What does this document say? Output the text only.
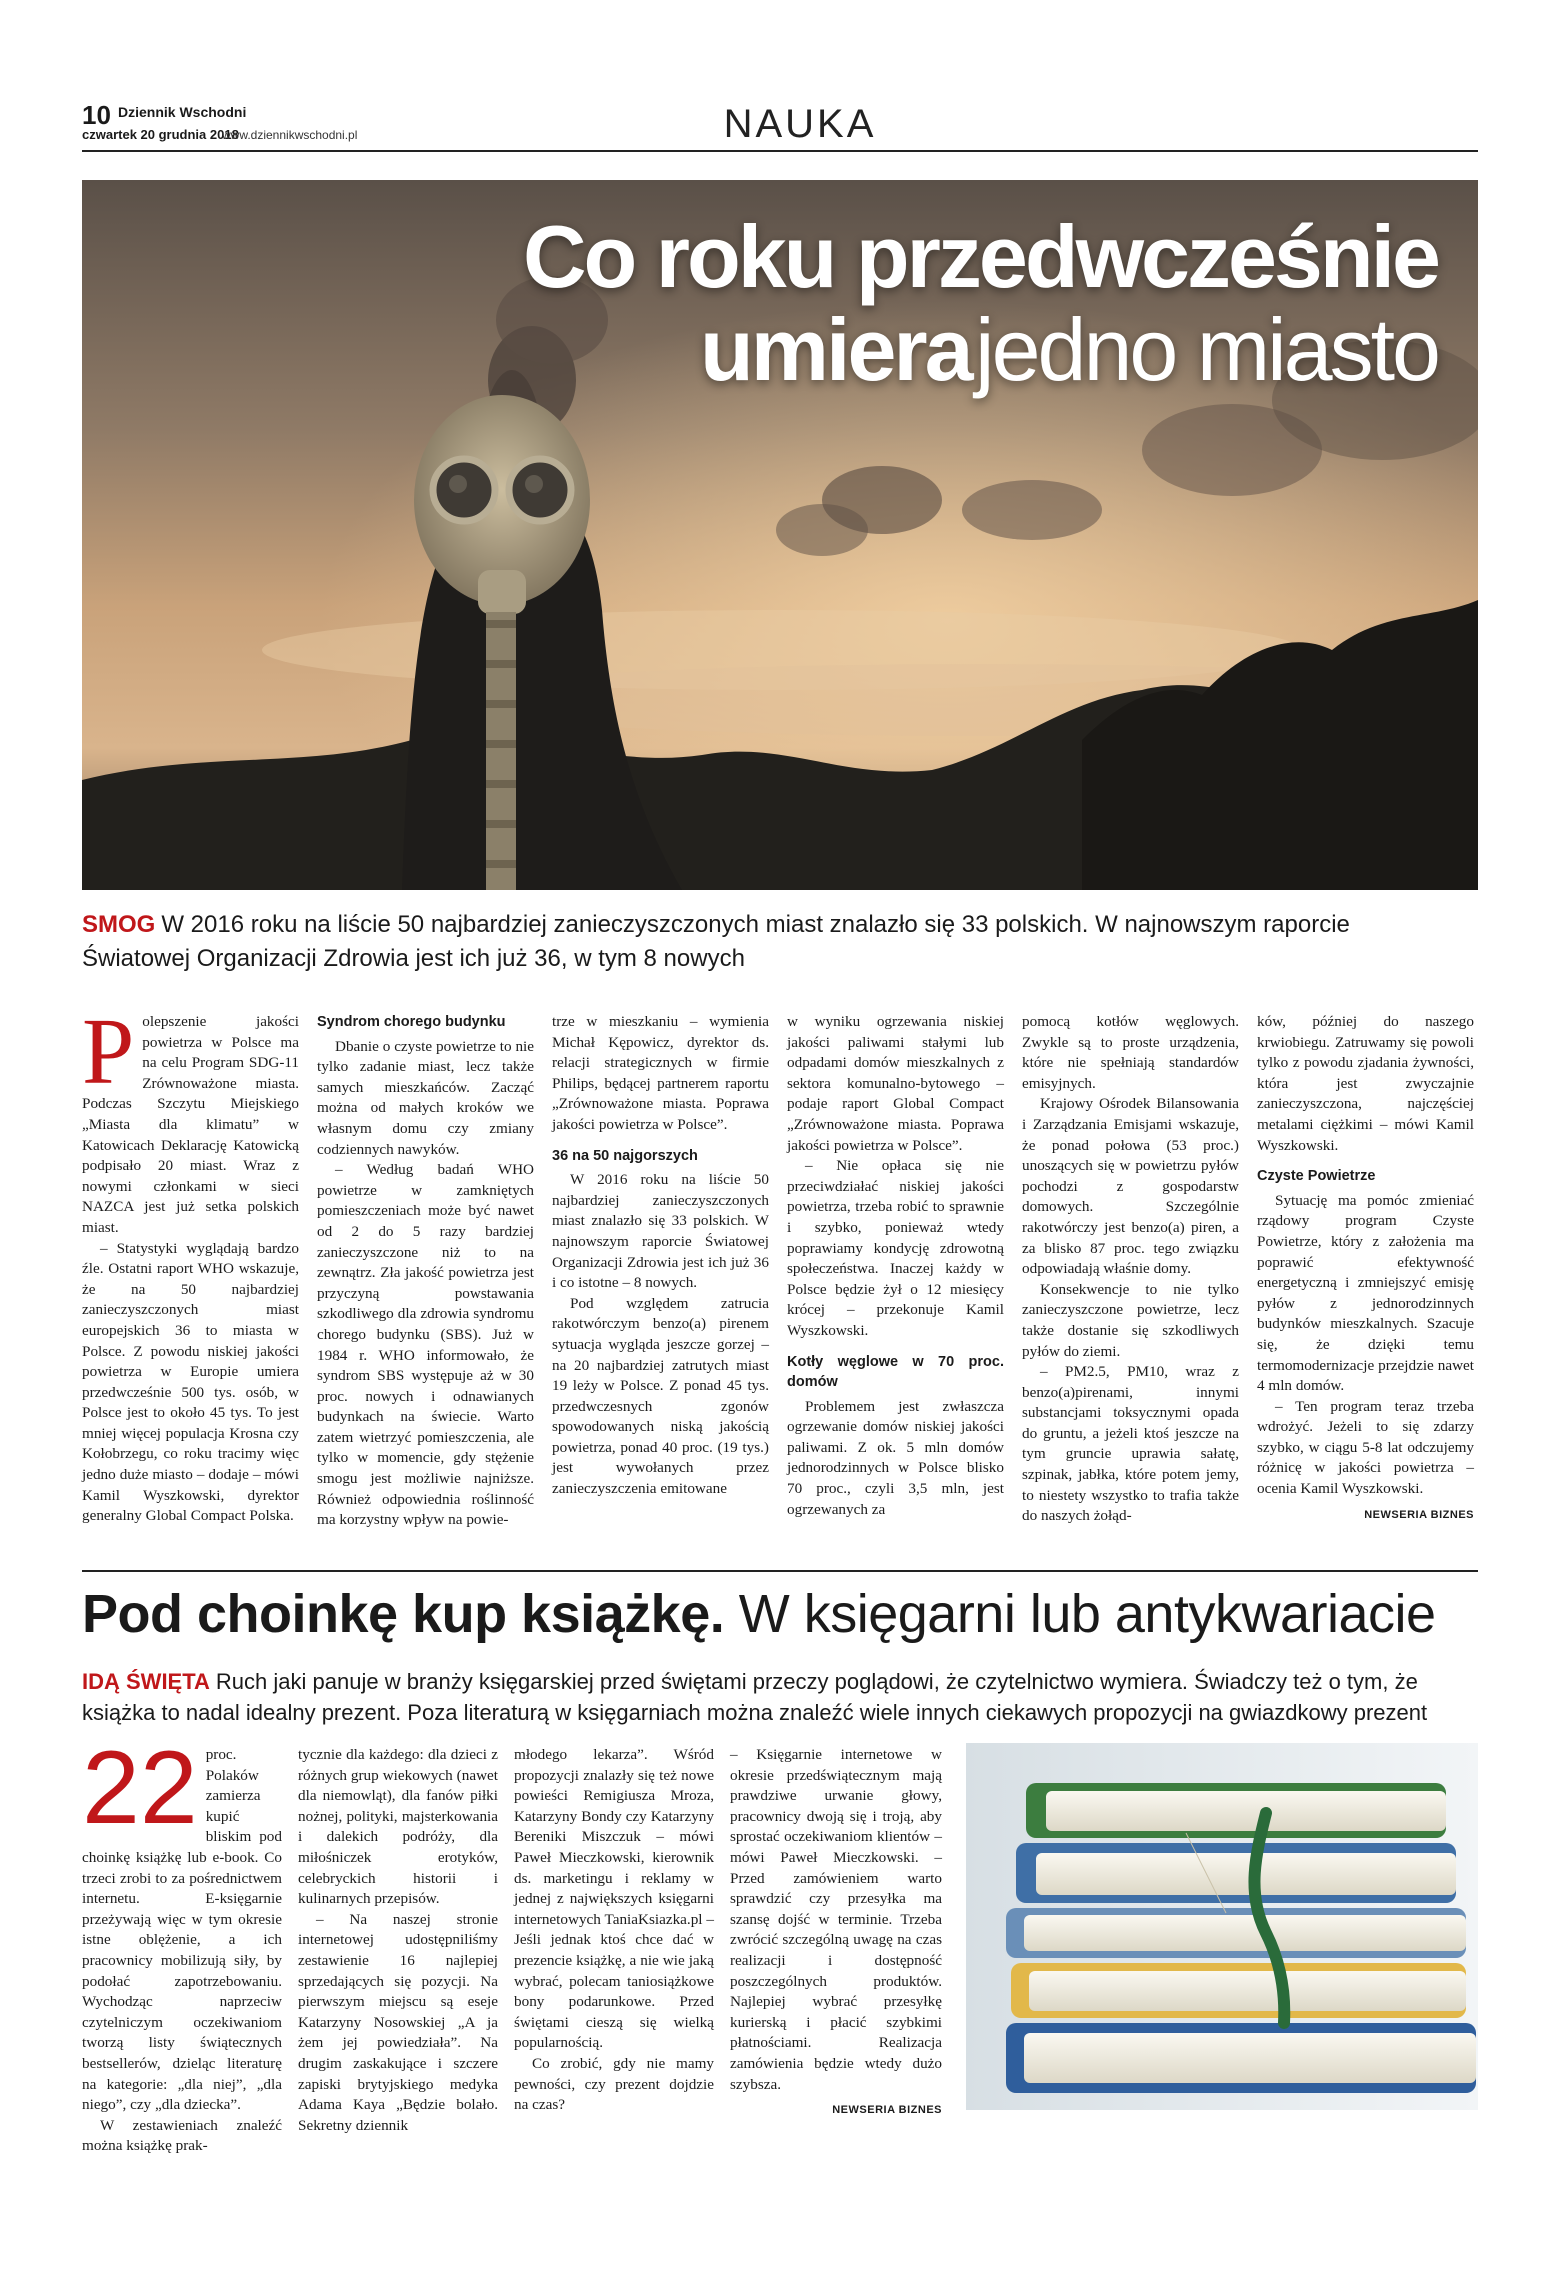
10 Dziennik Wschodni
czwartek 20 grudnia 2018
www.dziennikwschodni.pl	NAUKA
Co roku przedwcześnie
umiera jedno miasto
SMOG W 2016 roku na liście 50 najbardziej zanieczyszczonych miast znalazło się 33 polskich. W najnowszym raporcie Światowej Organizacji Zdrowia jest ich już 36, w tym 8 nowych
P olepszenie jakości powietrza w Polsce ma na celu Program SDG-11 Zrównoważone miasta. Podczas Szczytu Miejskiego „Miasta dla klimatu” w Katowicach Deklarację Katowicką podpisało 20 miast. Wraz z nowymi członkami w sieci NAZCA jest już setka polskich miast.

– Statystyki wyglądają bardzo źle. Ostatni raport WHO wskazuje, że na 50 najbardziej zanieczyszczonych miast europejskich 36 to miasta w Polsce. Z powodu niskiej jakości powietrza w Europie umiera przedwcześnie 500 tys. osób, w Polsce jest to około 45 tys. To jest mniej więcej populacja Krosna czy Kołobrzegu, co roku tracimy więc jedno duże miasto – dodaje – mówi Kamil Wyszkowski, dyrektor generalny Global Compact Polska.

Syndrom chorego budynku

Dbanie o czyste powietrze to nie tylko zadanie miast, lecz także samych mieszkańców. Zacząć można od małych kroków we własnym domu czy zmiany codziennych nawyków.

– Według badań WHO powietrze w zamkniętych pomieszczeniach może być nawet od 2 do 5 razy bardziej zanieczyszczone niż to na zewnątrz. Zła jakość powietrza jest przyczyną powstawania szkodliwego dla zdrowia syndromu chorego budynku (SBS). Już w 1984 r. WHO informowało, że syndrom SBS występuje aż w 30 proc. nowych i odnawianych budynkach na świecie. Warto zatem wietrzyć pomieszczenia, ale tylko w momencie, gdy stężenie smogu jest możliwie najniższe. Również odpowiednia roślinność ma korzystny wpływ na powie-

trze w mieszkaniu – wymienia Michał Kępowicz, dyrektor ds. relacji strategicznych w firmie Philips, będącej partnerem raportu „Zrównoważone miasta. Poprawa jakości powietrza w Polsce”.

36 na 50 najgorszych

W 2016 roku na liście 50 najbardziej zanieczyszczonych miast znalazło się 33 polskich. W najnowszym raporcie Światowej Organizacji Zdrowia jest ich już 36 i co istotne – 8 nowych.

Pod względem zatrucia rakotwórczym benzo(a) pirenem sytuacja wygląda jeszcze gorzej – na 20 najbardziej zatrutych miast 19 leży w Polsce. Z ponad 45 tys. przedwczesnych zgonów spowodowanych niską jakością powietrza, ponad 40 proc. (19 tys.) jest wywołanych przez zanieczyszczenia emitowane

w wyniku ogrzewania niskiej jakości paliwami stałymi lub odpadami domów mieszkalnych z sektora komunalno-bytowego – podaje raport Global Compact „Zrównoważone miasta. Poprawa jakości powietrza w Polsce”.

– Nie opłaca się nie przeciwdziałać niskiej jakości powietrza, trzeba robić to sprawnie i szybko, ponieważ wtedy poprawiamy kondycję zdrowotną społeczeństwa. Inaczej każdy w Polsce będzie żył o 12 miesięcy krócej – przekonuje Kamil Wyszkowski.

Kotły węglowe w 70 proc. domów

Problemem jest zwłaszcza ogrzewanie domów niskiej jakości paliwami. Z ok. 5 mln domów jednorodzinnych w Polsce blisko 70 proc., czyli 3,5 mln, jest ogrzewanych za

pomocą kotłów węglowych. Zwykle są to proste urządzenia, które nie spełniają standardów emisyjnych.

Krajowy Ośrodek Bilansowania i Zarządzania Emisjami wskazuje, że ponad połowa (53 proc.) unoszących się w powietrzu pyłów pochodzi z gospodarstw domowych. Szczególnie rakotwórczy jest benzo(a) piren, a za blisko 87 proc. tego związku odpowiadają właśnie domy.

Konsekwencje to nie tylko zanieczyszczone powietrze, lecz także dostanie się szkodliwych pyłów do ziemi.

– PM2.5, PM10, wraz z benzo(a)pirenami, innymi substancjami toksycznymi opada do gruntu, a jeżeli ktoś jeszcze na tym gruncie uprawia sałatę, szpinak, jabłka, które potem jemy, to niestety wszystko to trafia także do naszych żołąd-

ków, później do naszego krwiobiegu. Zatruwamy się powoli tylko z powodu zjadania żywności, która jest zwyczajnie zanieczyszczona, najczęściej metalami ciężkimi – mówi Kamil Wyszkowski.

Czyste Powietrze

Sytuację ma pomóc zmieniać rządowy program Czyste Powietrze, który z założenia ma poprawić efektywność energetyczną i zmniejszyć emisję pyłów z jednorodzinnych budynków mieszkalnych. Szacuje się, że dzięki temu termomodernizacje przejdzie nawet 4 mln domów.

– Ten program teraz trzeba wdrożyć. Jeżeli to się zdarzy szybko, w ciągu 5-8 lat odczujemy różnicę w jakości powietrza – ocenia Kamil Wyszkowski.

NEWSERIA BIZNES
Pod choinkę kup książkę. W księgarni lub antykwariacie
IDĄ ŚWIĘTA Ruch jaki panuje w branży księgarskiej przed świętami przeczy poglądowi, że czytelnictwo wymiera. Świadczy też o tym, że książka to nadal idealny prezent. Poza literaturą w księgarniach można znaleźć wiele innych ciekawych propozycji na gwiazdkowy prezent
22 proc. Polaków zamierza kupić bliskim pod choinkę książkę lub e-book. Co trzeci zrobi to za pośrednictwem internetu. E-księgarnie przeżywają więc w tym okresie istne oblężenie, a ich pracownicy mobilizują siły, by podołać zapotrzebowaniu. Wychodząc naprzeciw czytelniczym oczekiwaniom tworzą listy świątecznych bestsellerów, dzieląc literaturę na kategorie: „dla niej”, „dla niego”, czy „dla dziecka”.

W zestawieniach znaleźć można książkę prak-

tycznie dla każdego: dla dzieci z różnych grup wiekowych (nawet dla niemowląt), dla fanów piłki nożnej, polityki, majsterkowania i dalekich podróży, dla miłośniczek erotyków, celebryckich historii i kulinarnych przepisów.

– Na naszej stronie internetowej udostępniliśmy zestawienie 16 najlepiej sprzedających się pozycji. Na pierwszym miejscu są eseje Katarzyny Nosowskiej „A ja żem jej powiedziała”. Na drugim zaskakujące i szczere zapiski brytyjskiego medyka Adama Kaya „Będzie bolało. Sekretny dziennik

młodego lekarza”. Wśród propozycji znalazły się też nowe powieści Remigiusza Mroza, Katarzyny Bondy czy Katarzyny Bereniki Miszczuk – mówi Paweł Mieczkowski, kierownik ds. marketingu i reklamy w jednej z największych księgarni internetowych TaniaKsiazka.pl – Jeśli jednak ktoś chce dać w prezencie książkę, a nie wie jaką wybrać, polecam taniosiążkowe bony podarunkowe. Przed świętami cieszą się wielką popularnością.

Co zrobić, gdy nie mamy pewności, czy prezent dojdzie na czas?

– Księgarnie internetowe w okresie przedświątecznym mają prawdziwe urwanie głowy, pracownicy dwoją się i troją, aby sprostać oczekiwaniom klientów – mówi Paweł Mieczkowski. – Przed zamówieniem warto sprawdzić czy przesyłka ma szansę dojść w terminie. Trzeba zwrócić szczególną uwagę na czas realizacji i dostępność poszczególnych produktów. Najlepiej wybrać przesyłkę kurierską i płacić szybkimi płatnościami. Realizacja zamówienia będzie wtedy dużo szybsza.

NEWSERIA BIZNES
